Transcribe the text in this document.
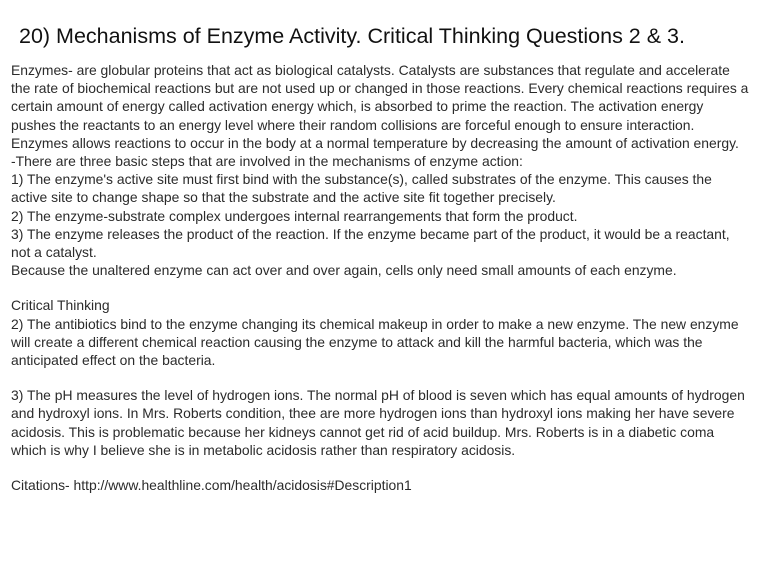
20) Mechanisms of Enzyme Activity. Critical Thinking Questions 2 & 3.

Enzymes- are globular proteins that act as biological catalysts. Catalysts are substances that regulate and accelerate the rate of biochemical reactions but are not used up or changed in those reactions. Every chemical reactions requires a certain amount of energy called activation energy which, is absorbed to prime the reaction. The activation energy pushes the reactants to an energy level where their random collisions are forceful enough to ensure interaction. Enzymes allows reactions to occur in the body at a normal temperature by decreasing the amount of activation energy.

-There are three basic steps that are involved in the mechanisms of enzyme action:

1) The enzyme's active site must first bind with the substance(s), called substrates of the enzyme. This causes the active site to change shape so that the substrate and the active site fit together precisely.

2) The enzyme-substrate complex undergoes internal rearrangements that form the product.

3) The enzyme releases the product of the reaction. If the enzyme became part of the product, it would be a reactant, not a catalyst.

Because the unaltered enzyme can act over and over again, cells only need small amounts of each enzyme.

Critical Thinking

2) The antibiotics bind to the enzyme changing its chemical makeup in order to make a new enzyme. The new enzyme will create a different chemical reaction causing the enzyme to attack and kill the harmful bacteria, which was the anticipated effect on the bacteria.

3) The pH measures the level of hydrogen ions. The normal pH of blood is seven which has equal amounts of hydrogen and hydroxyl ions. In Mrs. Roberts condition, thee are more hydrogen ions than hydroxyl ions making her have severe acidosis. This is problematic because her kidneys cannot get rid of acid buildup. Mrs. Roberts is in a diabetic coma which is why I believe she is in metabolic acidosis rather than respiratory acidosis.

Citations- http://www.healthline.com/health/acidosis#Description1
